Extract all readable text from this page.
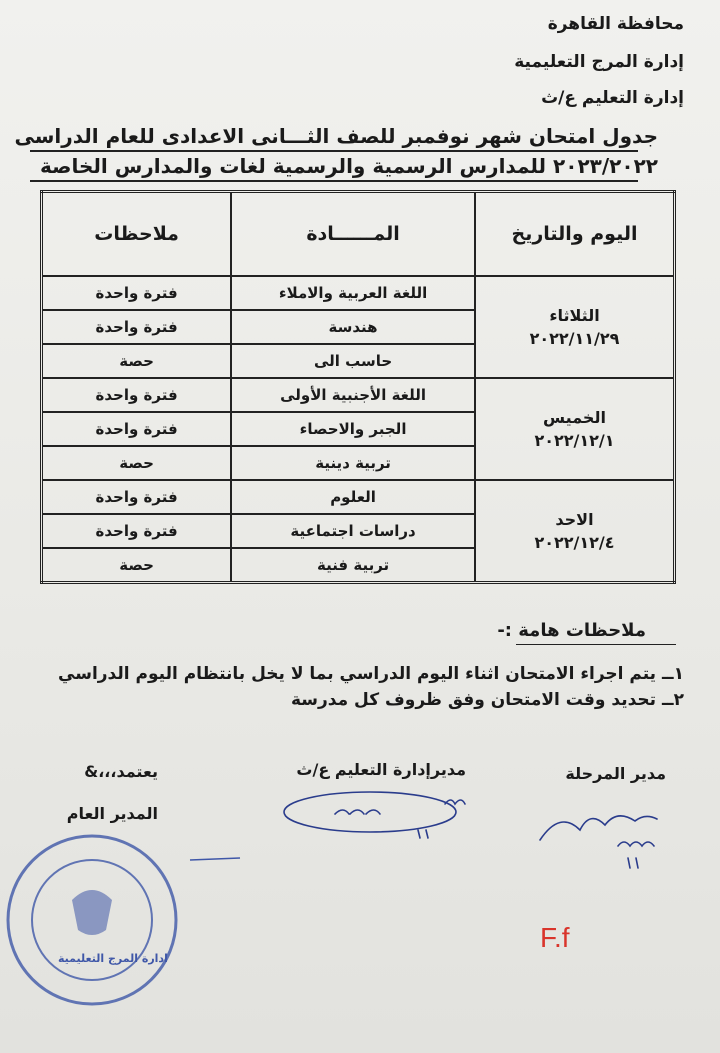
محافظة القاهرة
إدارة المرج التعليمية
إدارة التعليم ع/ث
جدول امتحان شهر نوفمبر للصف الثـــانى الاعدادى للعام الدراسى
٢٠٢٣/٢٠٢٢ للمدارس الرسمية والرسمية لغات والمدارس الخاصة
اليوم والتاريخ	المــــــادة	ملاحظات

الثلاثاء
٢٠٢٢/١١/٢٩	اللغة العربية والاملاء	فترة واحدة
	هندسة	فترة واحدة
	حاسب الى	حصة

الخميس
٢٠٢٢/١٢/١	اللغة الأجنبية الأولى	فترة واحدة
	الجبر والاحصاء	فترة واحدة
	تربية دينية	حصة

الاحد
٢٠٢٢/١٢/٤	العلوم	فترة واحدة
	دراسات اجتماعية	فترة واحدة
	تربية فنية	حصة
ملاحظات هامة :-
١ــ يتم اجراء الامتحان اثناء اليوم الدراسي بما لا يخل بانتظام اليوم الدراسي
٢ــ تحديد وقت الامتحان وفق ظروف كل مدرسة
مدير المرحلة
مديرإدارة التعليم ع/ث
يعتمد،،،&
المدير العام
ادارة المرج التعليمية
F.f
